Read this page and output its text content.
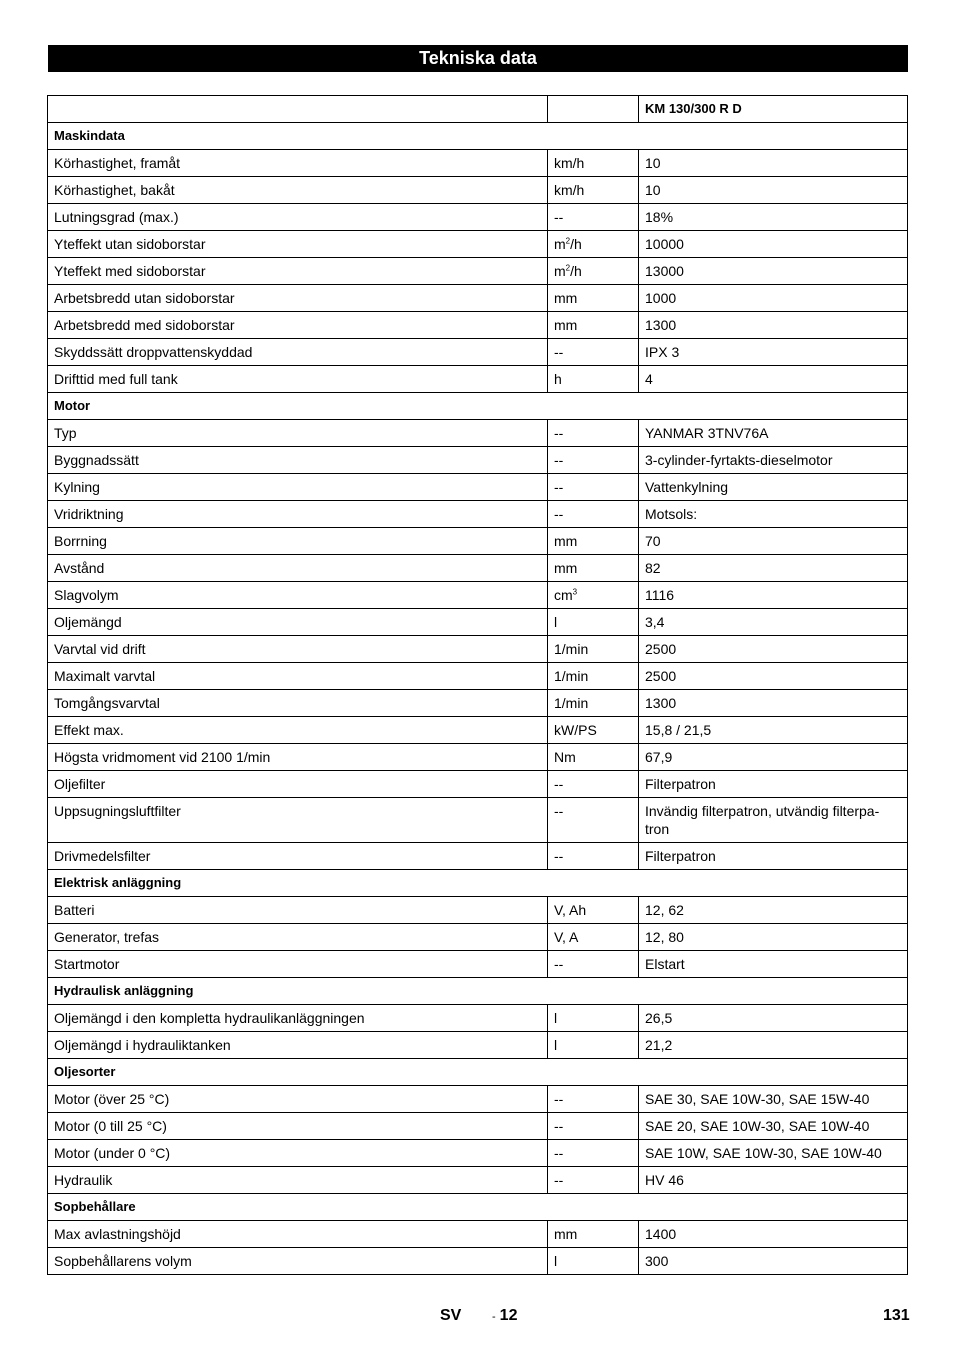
Tekniska data
		KM 130/300 R D
Maskindata		
Körhastighet, framåt	km/h	10

Körhastighet, bakåt	km/h	10

Lutningsgrad (max.)	--	18%

Yteffekt utan sidoborstar	$m^2/h$	10000

Yteffekt med sidoborstar	$m^2/h$	13000

Arbetsbredd utan sidoborstar	mm	1000

Arbetsbredd med sidoborstar	mm	1300

Skyddssätt droppvattenskyddad	--	IPX 3

Drifttid med full tank	h	4

Motor		
Typ	--	YANMAR 3TNV76A

Byggnadssätt	--	3-cylinder-fyrtakts-dieselmotor

Kylning	--	Vattenkylning

Vridriktning	--	Motsols:

Borrning	mm	70

Avstånd	mm	82

Slagvolym	$cm^3$	1116

Oljemängd	l	3,4

Varvtal vid drift	1/min	2500

Maximalt varvtal	1/min	2500

Tomgångsvarvtal	1/min	1300

Effekt max.	kW/PS	15,8 / 21,5

Högsta vridmoment vid 2100 1/min	Nm	67,9

Oljefilter	--	Filterpatron

Uppsugningsluftfilter	--	Invändig filterpatron, utvändig filterpa-
tron

Drivmedelsfilter	--	Filterpatron

Elektrisk anläggning		
Batteri	V, Ah	12, 62

Generator, trefas	V, A	12, 80

Startmotor	--	Elstart

Hydraulisk anläggning		
Oljemängd i den kompletta hydraulikanläggningen	l	26,5

Oljemängd i hydrauliktanken	l	21,2

Oljesorter		
Motor (över 25 °C)	--	SAE 30, SAE 10W-30, SAE 15W-40

Motor (0 till 25 °C)	--	SAE 20, SAE 10W-30, SAE 10W-40

Motor (under 0 °C)	--	SAE 10W, SAE 10W-30, SAE 10W-40

Hydraulik	--	HV 46

Sopbehållare		
Max avlastningshöjd	mm	1400

Sopbehållarens volym	l	300
SV	- 12	131
